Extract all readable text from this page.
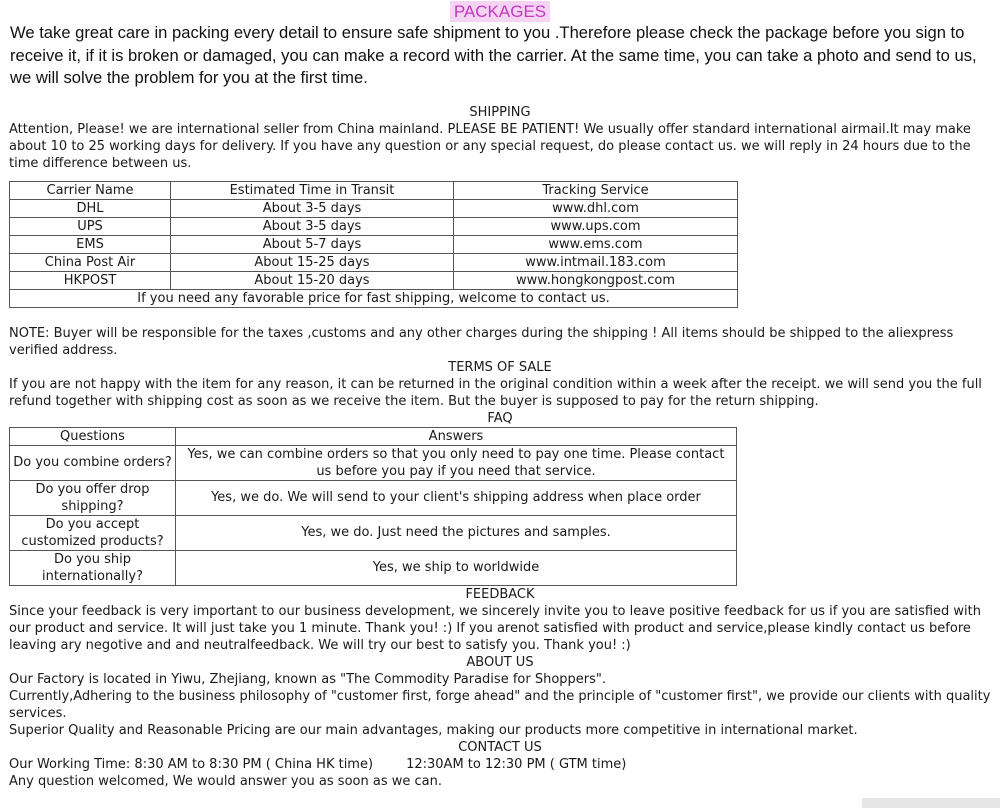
PACKAGES

We take great care in packing every detail to ensure safe shipment to you .Therefore please check the package before you sign to receive it, if it is broken or damaged, you can make a record with the carrier. At the same time, you can take a photo and send to us, we will solve the problem for you at the first time.

SHIPPING

Attention, Please! we are international seller from China mainland. PLEASE BE PATIENT! We usually offer standard international airmail.It may make about 10 to 25 working days for delivery. If you have any question or any special request, do please contact us. we will reply in 24 hours due to the time difference between us.

Carrier Name	Estimated Time in Transit	Tracking Service
DHL	About 3-5 days	www.dhl.com
UPS	About 3-5 days	www.ups.com
EMS	About 5-7 days	www.ems.com
China Post Air	About 15-25 days	www.intmail.183.com
HKPOST	About 15-20 days	www.hongkongpost.com
If you need any favorable price for fast shipping, welcome to contact us.		

NOTE: Buyer will be responsible for the taxes ,customs and any other charges during the shipping ! All items should be shipped to the aliexpress verified address.

TERMS OF SALE

If you are not happy with the item for any reason, it can be returned in the original condition within a week after the receipt. we will send you the full refund together with shipping cost as soon as we receive the item. But the buyer is supposed to pay for the return shipping.

FAQ
Questions	Answers
Do you combine orders?	Yes, we can combine orders so that you only need to pay one time. Please contact us before you pay if you need that service.
Do you offer drop shipping?	Yes, we do. We will send to your client's shipping address when place order
Do you accept customized products?	Yes, we do. Just need the pictures and samples.
Do you ship internationally?	Yes, we ship to worldwide
FEEDBACK

Since your feedback is very important to our business development, we sincerely invite you to leave positive feedback for us if you are satisfied with our product and service. It will just take you 1 minute. Thank you! :) If you arenot satisfied with product and service,please kindly contact us before leaving ary negotive and and neutralfeedback. We will try our best to satisfy you. Thank you! :)

ABOUT US

Our Factory is located in Yiwu, Zhejiang, known as "The Commodity Paradise for Shoppers".

Currently,Adhering to the business philosophy of "customer first, forge ahead" and the principle of "customer first", we provide our clients with quality services.

Superior Quality and Reasonable Pricing are our main advantages, making our products more competitive in international market.

CONTACT US

Our Working Time: 8:30 AM to 8:30 PM ( China HK time)        12:30AM to 12:30 PM ( GTM time)

Any question welcomed, We would answer you as soon as we can.
